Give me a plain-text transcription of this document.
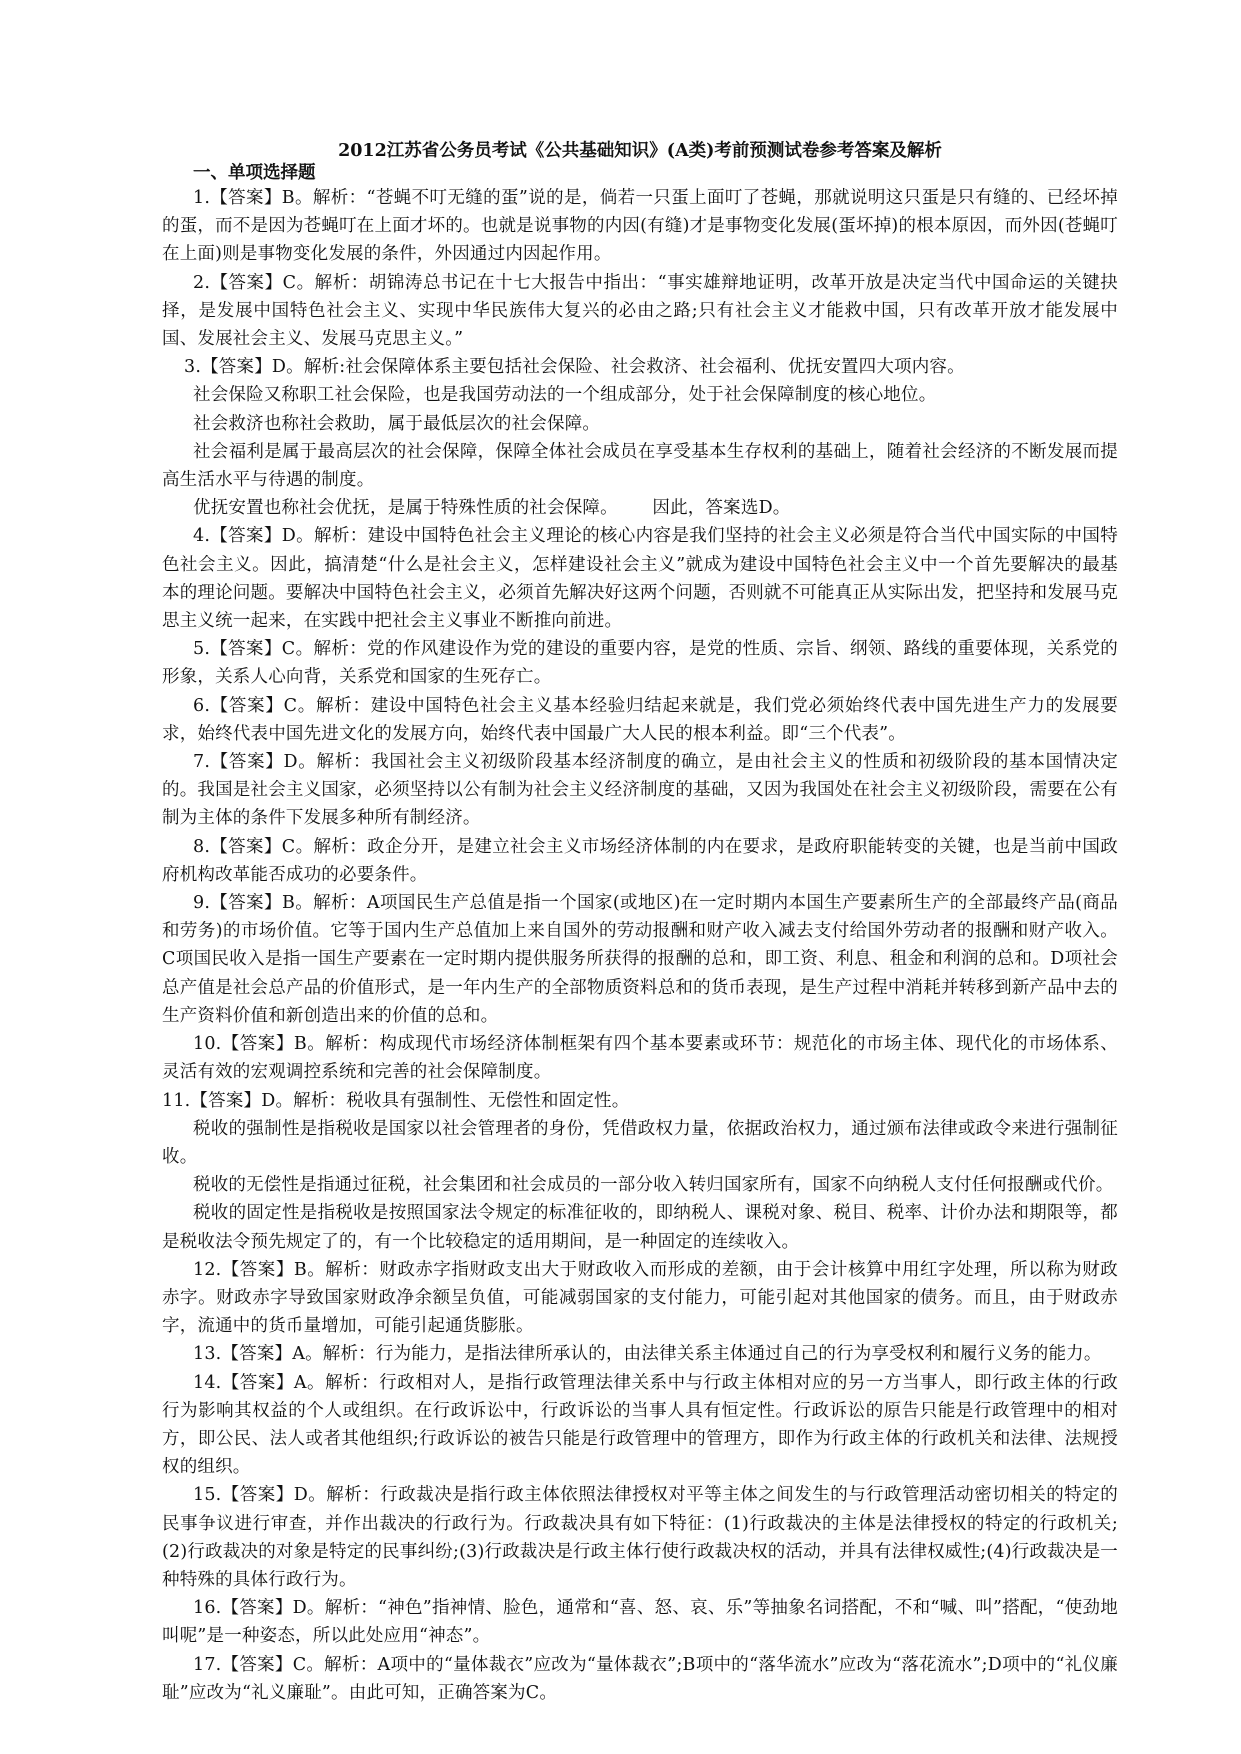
2012江苏省公务员考试《公共基础知识》(A类)考前预测试卷参考答案及解析
一、单项选择题

1.【答案】B。解析：“苍蝇不叮无缝的蛋”说的是，倘若一只蛋上面叮了苍蝇，那就说明这只蛋是只有缝的、已经坏掉的蛋，而不是因为苍蝇叮在上面才坏的。也就是说事物的内因(有缝)才是事物变化发展(蛋坏掉)的根本原因，而外因(苍蝇叮在上面)则是事物变化发展的条件，外因通过内因起作用。

2.【答案】C。解析：胡锦涛总书记在十七大报告中指出：“事实雄辩地证明，改革开放是决定当代中国命运的关键抉择，是发展中国特色社会主义、实现中华民族伟大复兴的必由之路;只有社会主义才能救中国，只有改革开放才能发展中国、发展社会主义、发展马克思主义。”

3.【答案】D。解析:社会保障体系主要包括社会保险、社会救济、社会福利、优抚安置四大项内容。

社会保险又称职工社会保险，也是我国劳动法的一个组成部分，处于社会保障制度的核心地位。

社会救济也称社会救助，属于最低层次的社会保障。

社会福利是属于最高层次的社会保障，保障全体社会成员在享受基本生存权利的基础上，随着社会经济的不断发展而提高生活水平与待遇的制度。

优抚安置也称社会优抚，是属于特殊性质的社会保障。      因此，答案选D。

4.【答案】D。解析：建设中国特色社会主义理论的核心内容是我们坚持的社会主义必须是符合当代中国实际的中国特色社会主义。因此，搞清楚“什么是社会主义，怎样建设社会主义”就成为建设中国特色社会主义中一个首先要解决的最基本的理论问题。要解决中国特色社会主义，必须首先解决好这两个问题，否则就不可能真正从实际出发，把坚持和发展马克思主义统一起来，在实践中把社会主义事业不断推向前进。

5.【答案】C。解析：党的作风建设作为党的建设的重要内容，是党的性质、宗旨、纲领、路线的重要体现，关系党的形象，关系人心向背，关系党和国家的生死存亡。

6.【答案】C。解析：建设中国特色社会主义基本经验归结起来就是，我们党必须始终代表中国先进生产力的发展要求，始终代表中国先进文化的发展方向，始终代表中国最广大人民的根本利益。即“三个代表”。

7.【答案】D。解析：我国社会主义初级阶段基本经济制度的确立，是由社会主义的性质和初级阶段的基本国情决定的。我国是社会主义国家，必须坚持以公有制为社会主义经济制度的基础，又因为我国处在社会主义初级阶段，需要在公有制为主体的条件下发展多种所有制经济。

8.【答案】C。解析：政企分开，是建立社会主义市场经济体制的内在要求，是政府职能转变的关键，也是当前中国政府机构改革能否成功的必要条件。

9.【答案】B。解析：A项国民生产总值是指一个国家(或地区)在一定时期内本国生产要素所生产的全部最终产品(商品和劳务)的市场价值。它等于国内生产总值加上来自国外的劳动报酬和财产收入减去支付给国外劳动者的报酬和财产收入。C项国民收入是指一国生产要素在一定时期内提供服务所获得的报酬的总和，即工资、利息、租金和利润的总和。D项社会总产值是社会总产品的价值形式，是一年内生产的全部物质资料总和的货币表现，是生产过程中消耗并转移到新产品中去的生产资料价值和新创造出来的价值的总和。

10.【答案】B。解析：构成现代市场经济体制框架有四个基本要素或环节：规范化的市场主体、现代化的市场体系、灵活有效的宏观调控系统和完善的社会保障制度。

11.【答案】D。解析：税收具有强制性、无偿性和固定性。

税收的强制性是指税收是国家以社会管理者的身份，凭借政权力量，依据政治权力，通过颁布法律或政令来进行强制征收。

税收的无偿性是指通过征税，社会集团和社会成员的一部分收入转归国家所有，国家不向纳税人支付任何报酬或代价。

税收的固定性是指税收是按照国家法令规定的标准征收的，即纳税人、课税对象、税目、税率、计价办法和期限等，都是税收法令预先规定了的，有一个比较稳定的适用期间，是一种固定的连续收入。

12.【答案】B。解析：财政赤字指财政支出大于财政收入而形成的差额，由于会计核算中用红字处理，所以称为财政赤字。财政赤字导致国家财政净余额呈负值，可能减弱国家的支付能力，可能引起对其他国家的债务。而且，由于财政赤字，流通中的货币量增加，可能引起通货膨胀。

13.【答案】A。解析：行为能力，是指法律所承认的，由法律关系主体通过自己的行为享受权利和履行义务的能力。

14.【答案】A。解析：行政相对人，是指行政管理法律关系中与行政主体相对应的另一方当事人，即行政主体的行政行为影响其权益的个人或组织。在行政诉讼中，行政诉讼的当事人具有恒定性。行政诉讼的原告只能是行政管理中的相对方，即公民、法人或者其他组织;行政诉讼的被告只能是行政管理中的管理方，即作为行政主体的行政机关和法律、法规授权的组织。

15.【答案】D。解析：行政裁决是指行政主体依照法律授权对平等主体之间发生的与行政管理活动密切相关的特定的民事争议进行审查，并作出裁决的行政行为。行政裁决具有如下特征：(1)行政裁决的主体是法律授权的特定的行政机关;(2)行政裁决的对象是特定的民事纠纷;(3)行政裁决是行政主体行使行政裁决权的活动，并具有法律权威性;(4)行政裁决是一种特殊的具体行政行为。

16.【答案】D。解析：“神色”指神情、脸色，通常和“喜、怒、哀、乐”等抽象名词搭配，不和“喊、叫”搭配，“使劲地叫呢”是一种姿态，所以此处应用“神态”。

17.【答案】C。解析：A项中的“量体裁衣”应改为“量体裁衣”;B项中的“落华流水”应改为“落花流水”;D项中的“礼仪廉耻”应改为“礼义廉耻”。由此可知，正确答案为C。
